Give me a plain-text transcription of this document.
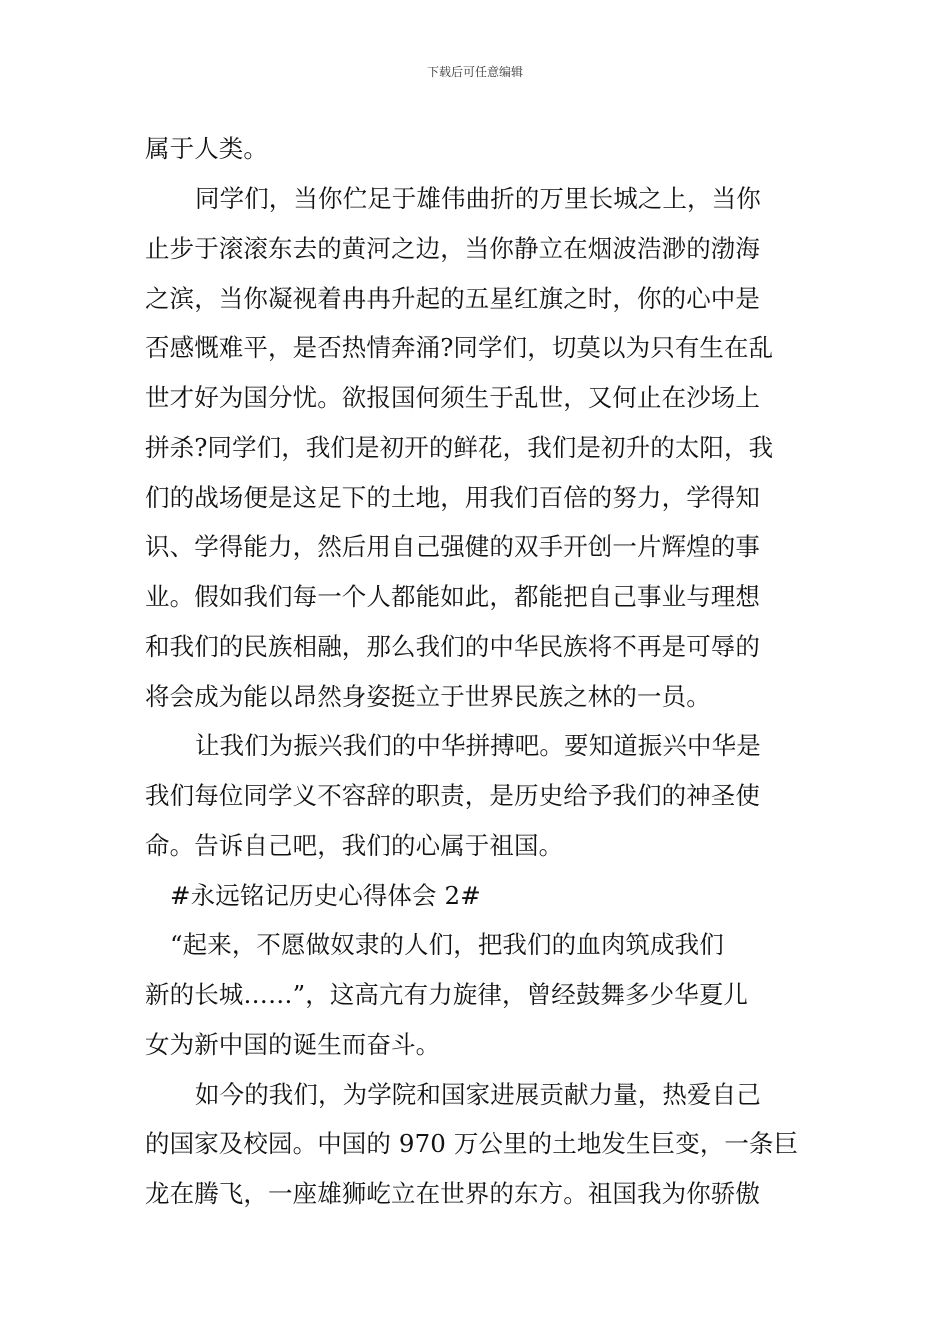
下载后可任意编辑
属于人类。
同学们，当你伫足于雄伟曲折的万里长城之上，当你
止步于滚滚东去的黄河之边，当你静立在烟波浩渺的渤海
之滨，当你凝视着冉冉升起的五星红旗之时，你的心中是
否感慨难平，是否热情奔涌?同学们，切莫以为只有生在乱
世才好为国分忧。欲报国何须生于乱世，又何止在沙场上
拼杀?同学们，我们是初开的鲜花，我们是初升的太阳，我
们的战场便是这足下的土地，用我们百倍的努力，学得知
识、学得能力，然后用自己强健的双手开创一片辉煌的事
业。假如我们每一个人都能如此，都能把自己事业与理想
和我们的民族相融，那么我们的中华民族将不再是可辱的
将会成为能以昂然身姿挺立于世界民族之林的一员。
让我们为振兴我们的中华拼搏吧。要知道振兴中华是
我们每位同学义不容辞的职责，是历史给予我们的神圣使
命。告诉自己吧，我们的心属于祖国。
#永远铭记历史心得体会 2#
“起来，不愿做奴隶的人们，把我们的血肉筑成我们
新的长城……”，这高亢有力旋律，曾经鼓舞多少华夏儿
女为新中国的诞生而奋斗。
如今的我们，为学院和国家进展贡献力量，热爱自己
的国家及校园。中国的 970 万公里的土地发生巨变，一条巨
龙在腾飞，一座雄狮屹立在世界的东方。祖国我为你骄傲
